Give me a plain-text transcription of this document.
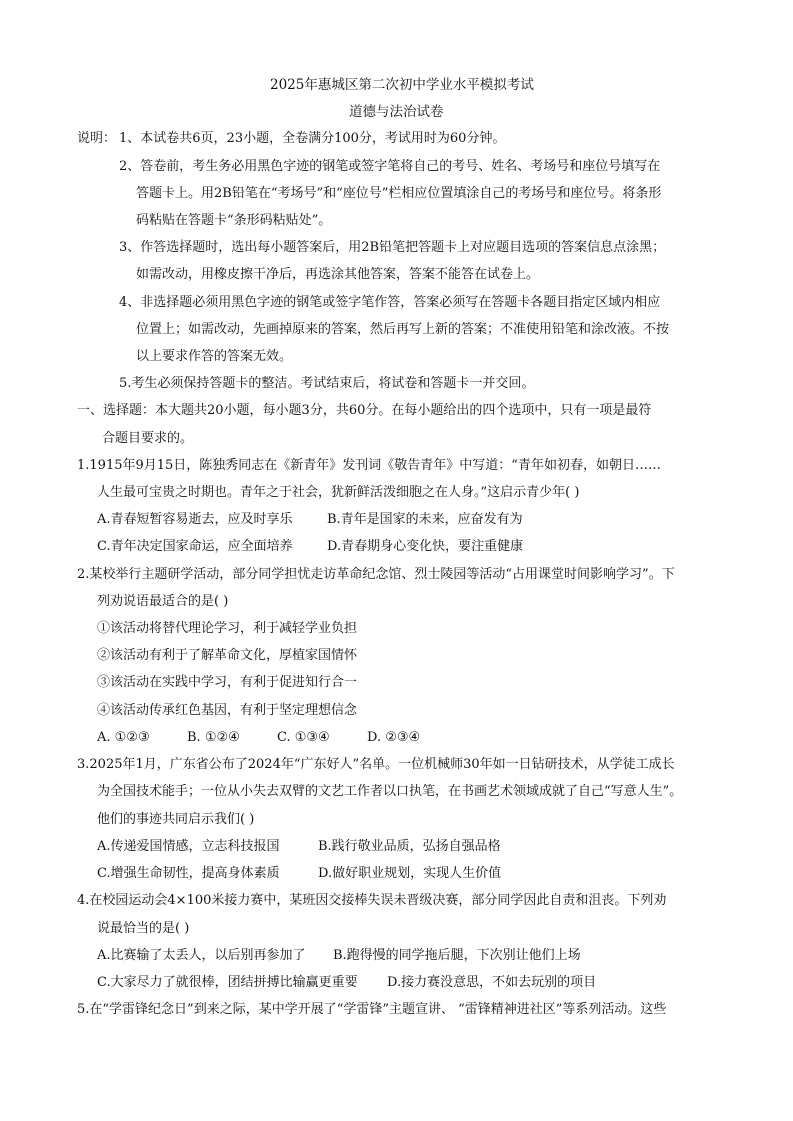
2025年惠城区第二次初中学业水平模拟考试
道德与法治试卷
说明： 1、本试卷共6页，23小题，全卷满分100分，考试用时为60分钟。
2、答卷前，考生务必用黑色字迹的钢笔或签字笔将自己的考号、姓名、考场号和座位号填写在
答题卡上。用2B铅笔在“考场号”和“座位号”栏相应位置填涂自己的考场号和座位号。将条形
码粘贴在答题卡“条形码粘贴处”。
3、作答选择题时，选出每小题答案后，用2B铅笔把答题卡上对应题目选项的答案信息点涂黑；
如需改动，用橡皮擦干净后，再选涂其他答案，答案不能答在试卷上。
4、非选择题必须用黑色字迹的钢笔或签字笔作答，答案必须写在答题卡各题目指定区域内相应
位置上；如需改动，先画掉原来的答案，然后再写上新的答案；不准使用铅笔和涂改液。不按
以上要求作答的答案无效。
5.考生必须保持答题卡的整洁。考试结束后，将试卷和答题卡一并交回。
一、选择题：本大题共20小题，每小题3分，共60分。在每小题给出的四个选项中，只有一项是最符
合题目要求的。
1.1915年9月15日，陈独秀同志在《新青年》发刊词《敬告青年》中写道：“青年如初春，如朝日……
人生最可宝贵之时期也。青年之于社会，犹新鲜活泼细胞之在人身。”这启示青少年( )
A.青春短暂容易逝去，应及时享乐	B.青年是国家的未来，应奋发有为
C.青年决定国家命运，应全面培养	D.青春期身心变化快，要注重健康
2.某校举行主题研学活动，部分同学担忧走访革命纪念馆、烈士陵园等活动“占用课堂时间影响学习”。下
列劝说语最适合的是( )
①该活动将替代理论学习，利于减轻学业负担
②该活动有利于了解革命文化，厚植家国情怀
③该活动在实践中学习，有利于促进知行合一
④该活动传承红色基因，有利于坚定理想信念
A. ①②③	B. ①②④	C. ①③④	D. ②③④
3.2025年1月，广东省公布了2024年“广东好人”名单。一位机械师30年如一日钻研技术，从学徒工成长
为全国技术能手；一位从小失去双臂的文艺工作者以口执笔，在书画艺术领域成就了自己“写意人生”。
他们的事迹共同启示我们( )
A.传递爱国情感，立志科技报国	B.践行敬业品质，弘扬自强品格
C.增强生命韧性，提高身体素质	D.做好职业规划，实现人生价值
4.在校园运动会4×100米接力赛中，某班因交接棒失误未晋级决赛，部分同学因此自责和沮丧。下列劝
说最恰当的是( )
A.比赛输了太丢人，以后别再参加了 B.跑得慢的同学拖后腿，下次别让他们上场
C.大家尽力了就很棒，团结拼搏比输赢更重要 D.接力赛没意思，不如去玩别的项目
5.在“学雷锋纪念日”到来之际，某中学开展了“学雷锋”主题宣讲、 “雷锋精神进社区”等系列活动。这些
